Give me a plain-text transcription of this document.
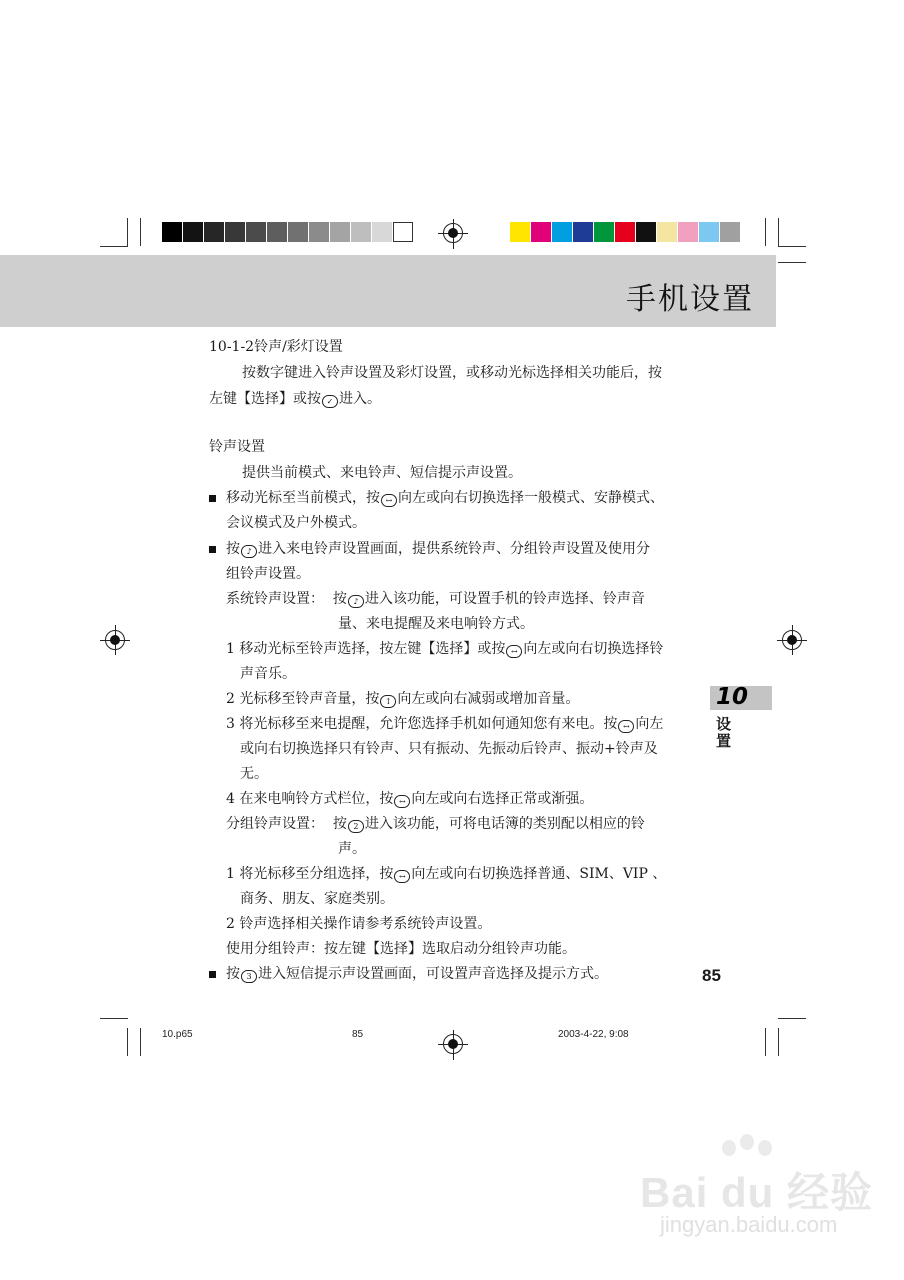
手机设置
10-1-2铃声/彩灯设置
按数字键进入铃声设置及彩灯设置，或移动光标选择相关功能后，按
左键【选择】或按 ✓ 进入。
铃声设置
提供当前模式、来电铃声、短信提示声设置。
移动光标至当前模式，按 ↔ 向左或向右切换选择一般模式、安静模式、
会议模式及户外模式。
按 ♪ 进入来电铃声设置画面，提供系统铃声、分组铃声设置及使用分
组铃声设置。
系统铃声设置： 按 ♪ 进入该功能，可设置手机的铃声选择、铃声音
量、来电提醒及来电响铃方式。
1 移动光标至铃声选择，按左键【选择】或按 ↔ 向左或向右切换选择铃
声音乐。
2 光标移至铃声音量，按 ↕ 向左或向右减弱或增加音量。
3 将光标移至来电提醒，允许您选择手机如何通知您有来电。按 ↔ 向左
或向右切换选择只有铃声、只有振动、先振动后铃声、振动+铃声及
无。
4 在来电响铃方式栏位，按 ↔ 向左或向右选择正常或渐强。
分组铃声设置： 按 2 进入该功能，可将电话簿的类别配以相应的铃
声。
1 将光标移至分组选择，按 ↔ 向左或向右切换选择普通、SIM、VIP 、
商务、朋友、家庭类别。
2 铃声选择相关操作请参考系统铃声设置。
使用分组铃声：按左键【选择】选取启动分组铃声功能。
按 3 进入短信提示声设置画面，可设置声音选择及提示方式。
10
设置
85
10.p65	85	2003-4-22, 9:08
Bai du 经验
jingyan.baidu.com
